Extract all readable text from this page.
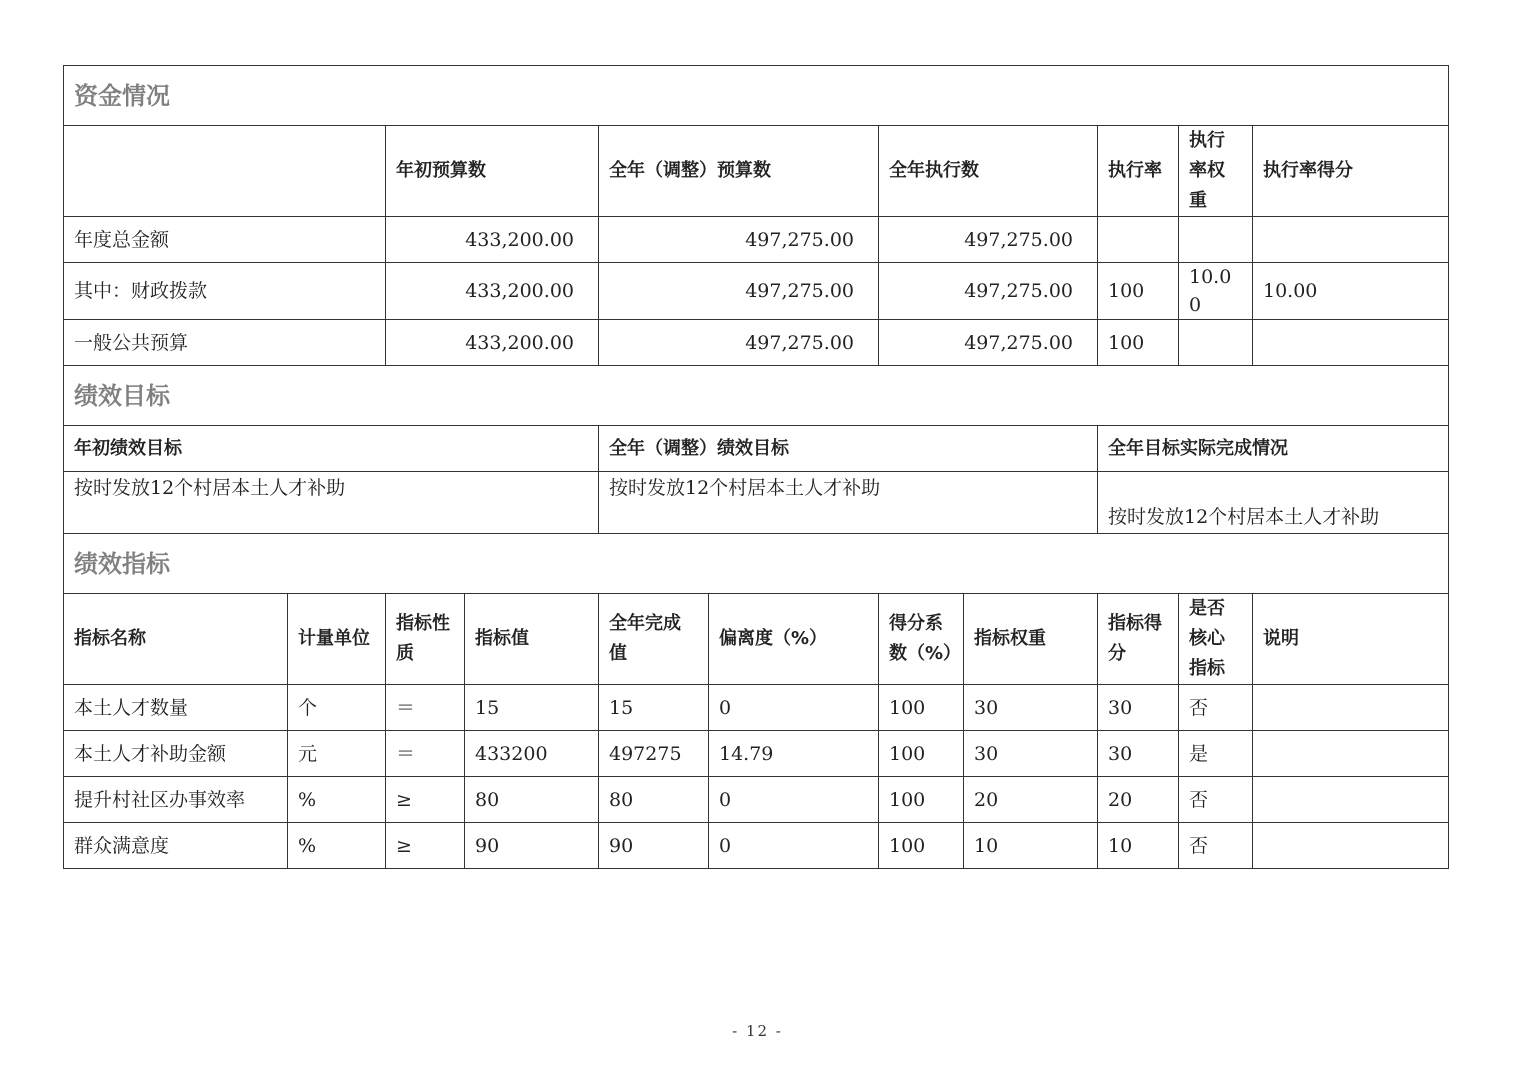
资金情况										
		年初预算数		全年（调整）预算数		全年执行数		执行率	执行率权重	执行率得分
年度总金额		433,200.00		497,275.00		497,275.00				
其中：财政拨款		433,200.00		497,275.00		497,275.00		100	10.00	10.00
一般公共预算		433,200.00		497,275.00		497,275.00		100		
绩效目标										
年初绩效目标				全年（调整）绩效目标				全年目标实际完成情况		
按时发放12个村居本土人才补助				按时发放12个村居本土人才补助				按时发放12个村居本土人才补助		
绩效指标										
指标名称	计量单位	指标性质	指标值	全年完成值	偏离度（%）	得分系数（%）	指标权重	指标得分	是否核心指标	说明
本土人才数量	个	＝	15	15	0	100	30	30	否	
本土人才补助金额	元	＝	433200	497275	14.79	100	30	30	是	
提升村社区办事效率	%	≥	80	80	0	100	20	20	否	
群众满意度	%	≥	90	90	0	100	10	10	否	
- 12 -
